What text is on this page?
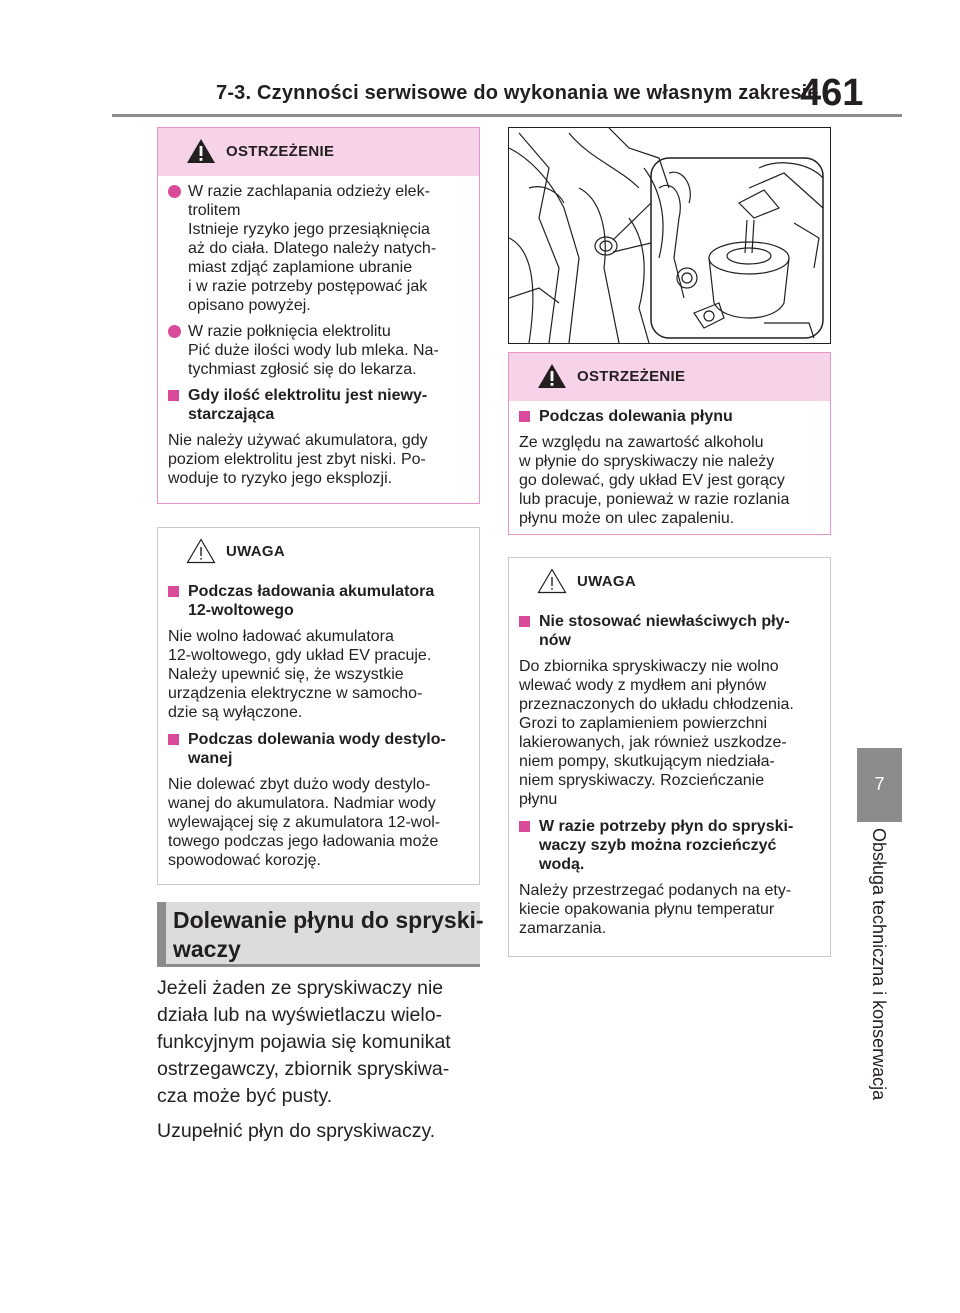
7-3. Czynności serwisowe do wykonania we własnym zakresie
461
7
Obsługa techniczna i konserwacja
OSTRZEŻENIE
W razie zachlapania odzieży elek-
trolitem
Istnieje ryzyko jego przesiąknięcia
aż do ciała. Dlatego należy natych-
miast zdjąć zaplamione ubranie
i w razie potrzeby postępować jak
opisano powyżej.
W razie połknięcia elektrolitu
Pić duże ilości wody lub mleka. Na-
tychmiast zgłosić się do lekarza.
Gdy ilość elektrolitu jest niewy-
starczająca
Nie należy używać akumulatora, gdy
poziom elektrolitu jest zbyt niski. Po-
woduje to ryzyko jego eksplozji.
UWAGA
Podczas ładowania akumulatora
12-woltowego

Nie wolno ładować akumulatora
12-woltowego, gdy układ EV pracuje.
Należy upewnić się, że wszystkie
urządzenia elektryczne w samocho-
dzie są wyłączone.

Podczas dolewania wody destylo-
wanej

Nie dolewać zbyt dużo wody destylo-
wanej do akumulatora. Nadmiar wody
wylewającej się z akumulatora 12-wol-
towego podczas jego ładowania może
spowodować korozję.

Dolewanie płynu do spryski-
waczy

Jeżeli żaden ze spryskiwaczy nie
działa lub na wyświetlaczu wielo-
funkcyjnym pojawia się komunikat
ostrzegawczy, zbiornik spryskiwa-
cza może być pusty.

Uzupełnić płyn do spryskiwaczy.

OSTRZEŻENIE
Podczas dolewania płynu
Ze względu na zawartość alkoholu
w płynie do spryskiwaczy nie należy
go dolewać, gdy układ EV jest gorący
lub pracuje, ponieważ w razie rozlania
płynu może on ulec zapaleniu.
UWAGA
Nie stosować niewłaściwych pły-
nów

Do zbiornika spryskiwaczy nie wolno
wlewać wody z mydłem ani płynów
przeznaczonych do układu chłodzenia.
Grozi to zaplamieniem powierzchni
lakierowanych, jak również uszkodze-
niem pompy, skutkującym niedziała-
niem spryskiwaczy. Rozcieńczanie
płynu

W razie potrzeby płyn do spryski-
waczy szyb można rozcieńczyć
wodą.

Należy przestrzegać podanych na ety-
kiecie opakowania płynu temperatur
zamarzania.
